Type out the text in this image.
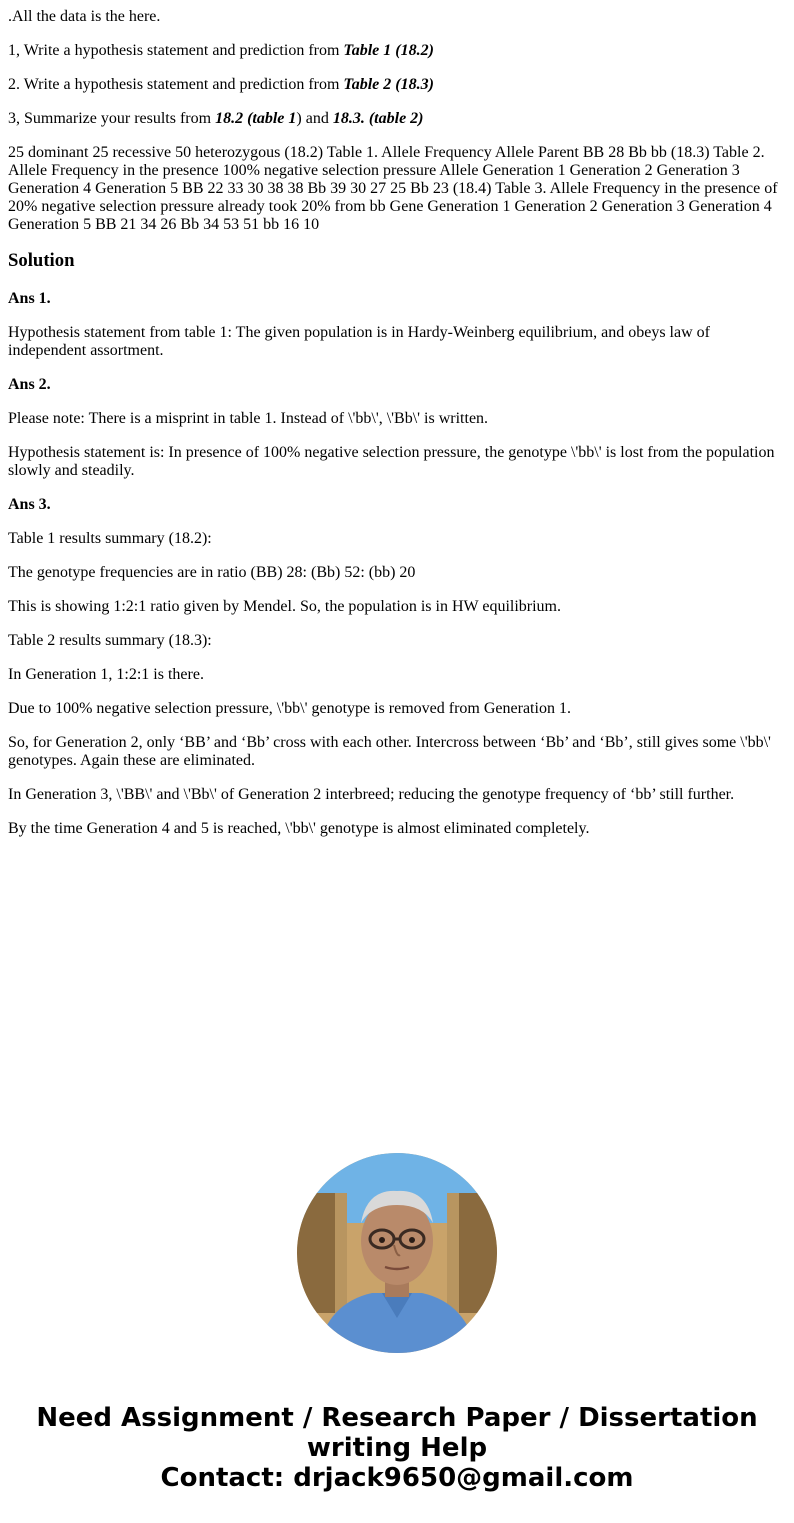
.All the data is the here.

1, Write a hypothesis statement and prediction from Table 1 (18.2)

2. Write a hypothesis statement and prediction from Table 2 (18.3)

3, Summarize your results from 18.2 (table 1) and 18.3. (table 2)

25 dominant 25 recessive 50 heterozygous (18.2) Table 1. Allele Frequency Allele Parent BB 28 Bb bb (18.3) Table 2. Allele Frequency in the presence 100% negative selection pressure Allele Generation 1 Generation 2 Generation 3 Generation 4 Generation 5 BB 22 33 30 38 38 Bb 39 30 27 25 Bb 23 (18.4) Table 3. Allele Frequency in the presence of 20% negative selection pressure already took 20% from bb Gene Generation 1 Generation 2 Generation 3 Generation 4 Generation 5 BB 21 34 26 Bb 34 53 51 bb 16 10

Solution

Ans 1.

Hypothesis statement from table 1: The given population is in Hardy-Weinberg equilibrium, and obeys law of independent assortment.

Ans 2.

Please note: There is a misprint in table 1. Instead of \'bb\', \'Bb\' is written.

Hypothesis statement is: In presence of 100% negative selection pressure, the genotype \'bb\' is lost from the population slowly and steadily.

Ans 3.

Table 1 results summary (18.2):

The genotype frequencies are in ratio (BB) 28: (Bb) 52: (bb) 20

This is showing 1:2:1 ratio given by Mendel. So, the population is in HW equilibrium.

Table 2 results summary (18.3):

In Generation 1, 1:2:1 is there.

Due to 100% negative selection pressure, \'bb\' genotype is removed from Generation 1.

So, for Generation 2, only ‘BB’ and ‘Bb’ cross with each other. Intercross between ‘Bb’ and ‘Bb’, still gives some \'bb\' genotypes. Again these are eliminated.

In Generation 3, \'BB\' and \'Bb\' of Generation 2 interbreed; reducing the genotype frequency of ‘bb’ still further.

By the time Generation 4 and 5 is reached, \'bb\' genotype is almost eliminated completely.

Need Assignment / Research Paper / Dissertation
writing Help
Contact: drjack9650@gmail.com
